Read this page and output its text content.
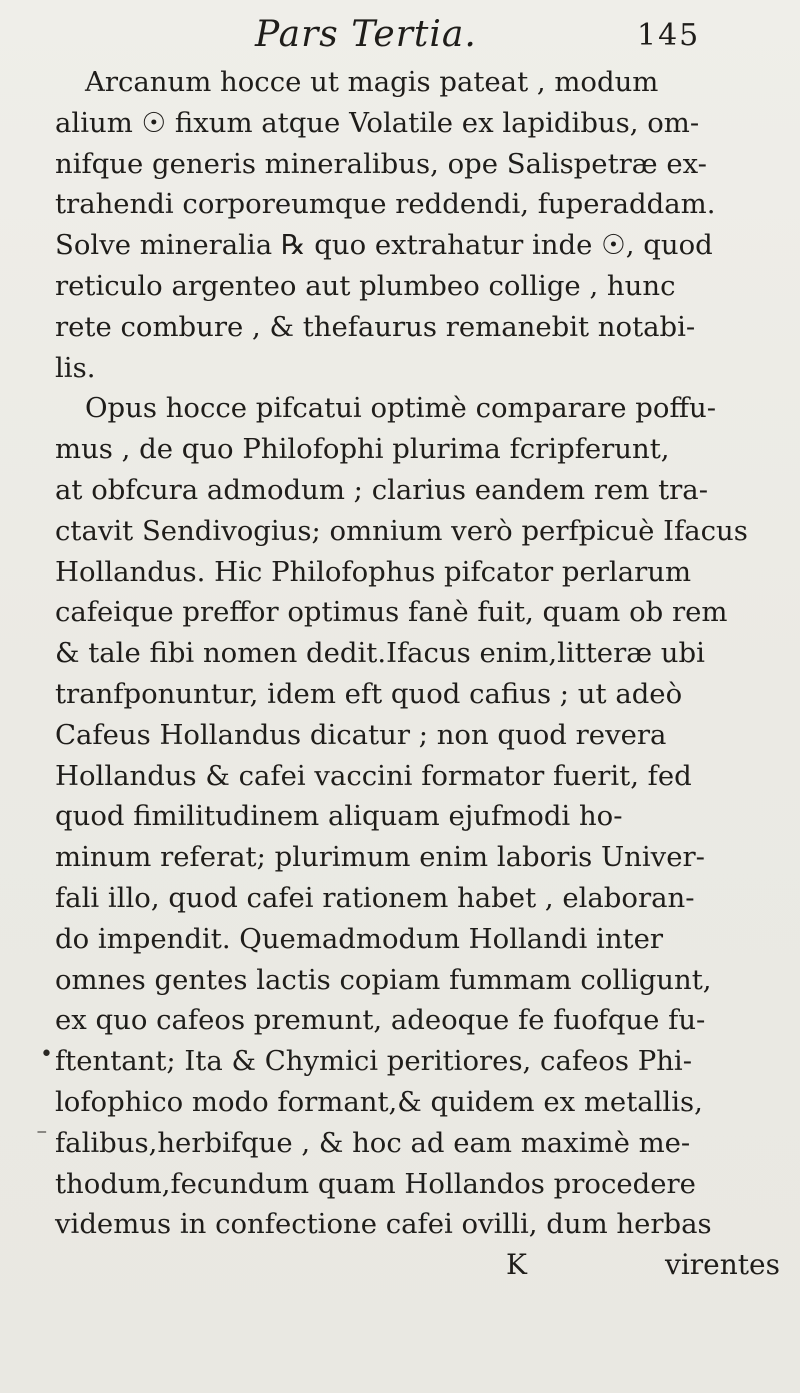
Pars Tertia.	145
Arcanum hocce ut magis pateat , modum
alium ☉ fixum atque Volatile ex lapidibus, om-
nifque generis mineralibus, ope Salispetræ ex-
trahendi corporeumque reddendi, fuperaddam.
Solve mineralia ℞ quo extrahatur inde ☉, quod
reticulo argenteo aut plumbeo collige , hunc
rete combure , & thefaurus remanebit notabi-
lis.
Opus hocce pifcatui optimè comparare poffu-
mus , de quo Philofophi plurima fcripferunt,
at obfcura admodum ; clarius eandem rem tra-
ctavit Sendivogius; omnium verò perfpicuè Ifacus
Hollandus. Hic Philofophus pifcator perlarum
cafeique preffor optimus fanè fuit, quam ob rem
& tale fibi nomen dedit.Ifacus enim,litteræ ubi
tranfponuntur, idem eft quod cafius ; ut adeò
Cafeus Hollandus dicatur ; non quod revera
Hollandus & cafei vaccini formator fuerit, fed
quod fimilitudinem aliquam ejufmodi ho-
minum referat; plurimum enim laboris Univer-
fali illo, quod cafei rationem habet , elaboran-
do impendit. Quemadmodum Hollandi inter
omnes gentes lactis copiam fummam colligunt,
ex quo cafeos premunt, adeoque fe fuofque fu-
ftentant; Ita & Chymici peritiores, cafeos Phi-
lofophico modo formant,& quidem ex metallis,
falibus,herbifque , & hoc ad eam maximè me-
thodum,fecundum quam Hollandos procedere
videmus in confectione cafei ovilli, dum herbas
K	virentes
•
⁻
